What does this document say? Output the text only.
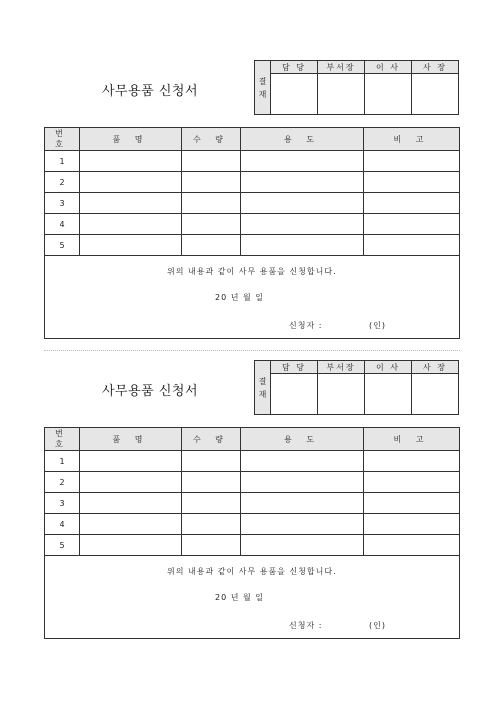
사무용품 신청서
결
재	담 당	부서장	이 사	사 장

번 호	품 명	수 량	용 도	비 고
1				
2				
3				
4				
5				

위의 내용과 같이 사무 용품을 신청합니다.
20 년 월 일
신청자 : (인)				
사무용품 신청서
결
재	담 당	부서장	이 사	사 장

번 호	품 명	수 량	용 도	비 고
1				
2				
3				
4				
5				

위의 내용과 같이 사무 용품을 신청합니다.
20 년 월 일
신청자 : (인)				
